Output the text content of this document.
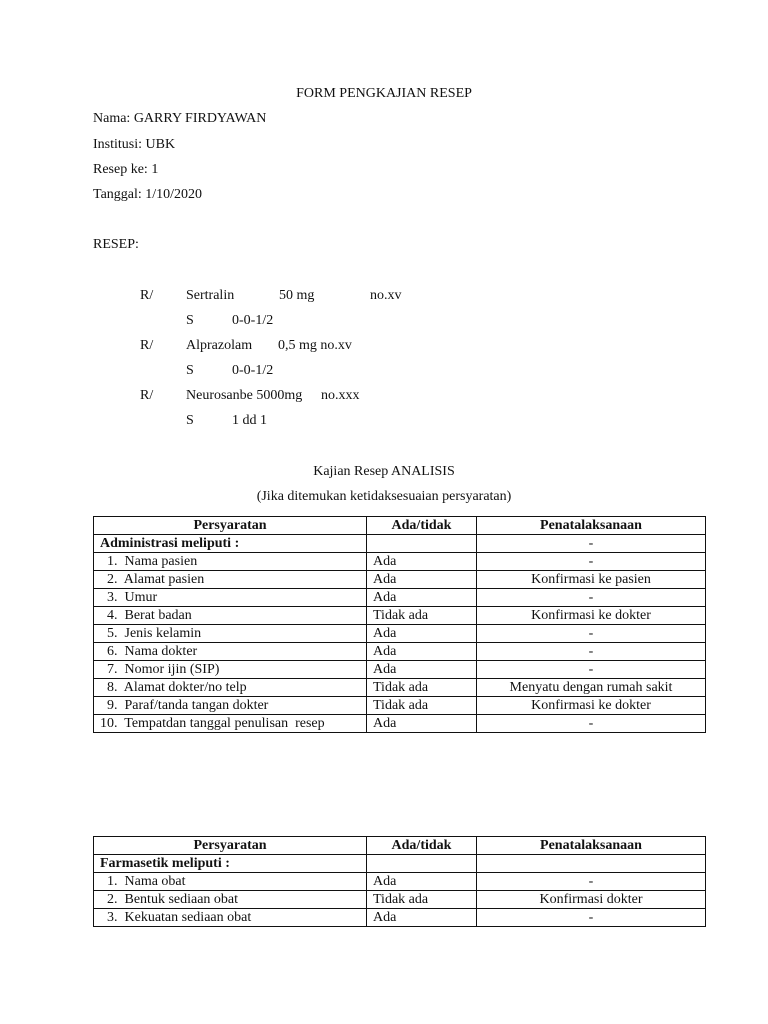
FORM PENGKAJIAN RESEP
Nama: GARRY FIRDYAWAN
Institusi: UBK
Resep ke: 1
Tanggal: 1/10/2020
RESEP:
R/ Sertralin	50 mg	no.xv
S	0-0-1/2
R/ Alprazolam 0,5 mg no.xv
S	0-0-1/2
R/ Neurosanbe 5000mg no.xxx
S	1 dd 1
Kajian Resep ANALISIS
(Jika ditemukan ketidaksesuaian persyaratan)
Persyaratan	Ada/tidak	Penatalaksanaan
Administrasi meliputi :		-
1.  Nama pasien	Ada	-
2.  Alamat pasien	Ada	Konfirmasi ke pasien
3.  Umur	Ada	-
4.  Berat badan	Tidak ada	Konfirmasi ke dokter
5.  Jenis kelamin	Ada	-
6.  Nama dokter	Ada	-
7.  Nomor ijin (SIP)	Ada	-
8.  Alamat dokter/no telp	Tidak ada	Menyatu dengan rumah sakit
9.  Paraf/tanda tangan dokter	Tidak ada	Konfirmasi ke dokter
10.  Tempatdan tanggal penulisan  resep	Ada	-
Persyaratan	Ada/tidak	Penatalaksanaan
Farmasetik meliputi :		
1.  Nama obat	Ada	-
2.  Bentuk sediaan obat	Tidak ada	Konfirmasi dokter
3.  Kekuatan sediaan obat	Ada	-
